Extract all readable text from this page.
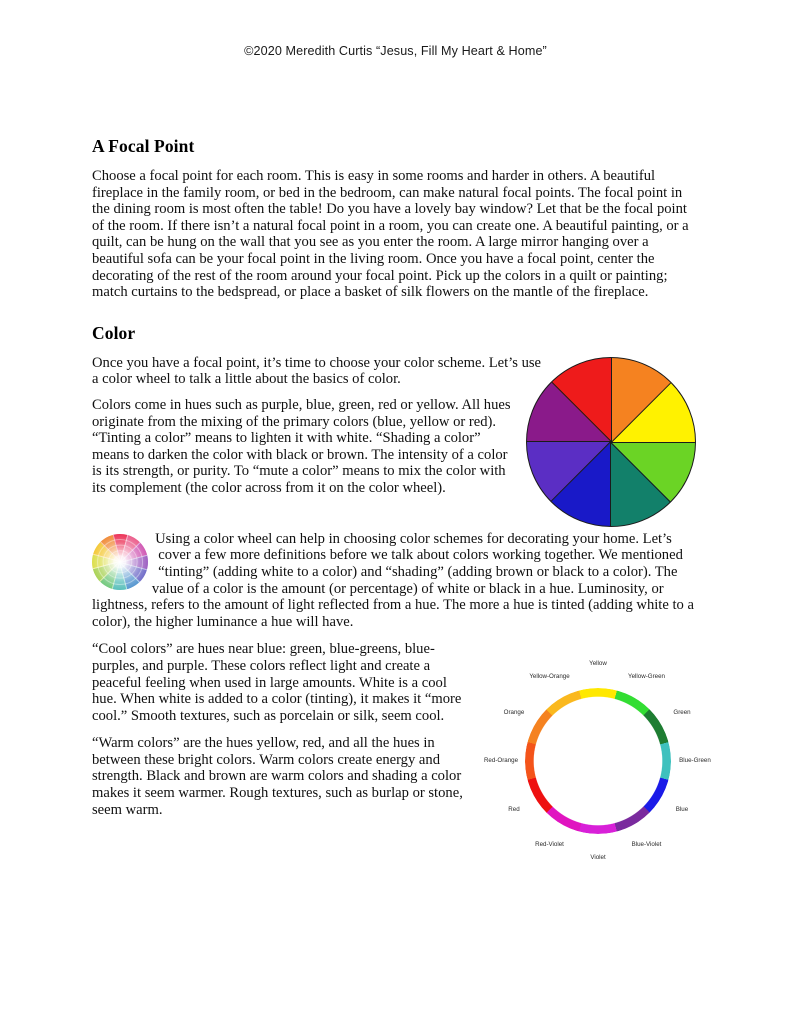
©2020 Meredith Curtis “Jesus, Fill My Heart & Home”
A Focal Point

Choose a focal point for each room. This is easy in some rooms and harder in others. A beautiful fireplace in the family room, or bed in the bedroom, can make natural focal points. The focal point in the dining room is most often the table! Do you have a lovely bay window? Let that be the focal point of the room. If there isn’t a natural focal point in a room, you can create one. A beautiful painting, or a quilt, can be hung on the wall that you see as you enter the room. A large mirror hanging over a beautiful sofa can be your focal point in the living room. Once you have a focal point, center the decorating of the rest of the room around your focal point. Pick up the colors in a quilt or painting; match curtains to the bedspread, or place a basket of silk flowers on the mantle of the fireplace.

Color

Once you have a focal point, it’s time to choose your color scheme. Let’s use a color wheel to talk a little about the basics of color.

Colors come in hues such as purple, blue, green, red or yellow. All hues originate from the mixing of the primary colors (blue, yellow or red). “Tinting a color” means to lighten it with white. “Shading a color” means to darken the color with black or brown. The intensity of a color is its strength, or purity. To “mute a color” means to mix the color with its complement (the color across from it on the color wheel).

Using a color wheel can help in choosing color schemes for decorating your home. Let’s cover a few more definitions before we talk about colors working together. We mentioned “tinting” (adding white to a color) and “shading” (adding brown or black to a color). The value of a color is the amount (or percentage) of white or black in a hue. Luminosity, or lightness, refers to the amount of light reflected from a hue. The more a hue is tinted (adding white to a color), the higher luminance a hue will have.

“Cool colors” are hues near blue: green, blue-greens, blue-purples, and purple. These colors reflect light and create a peaceful feeling when used in large amounts. White is a cool hue. When white is added to a color (tinting), it makes it “more cool.” Smooth textures, such as porcelain or silk, seem cool.

“Warm colors” are the hues yellow, red, and all the hues in between these bright colors. Warm colors create energy and strength. Black and brown are warm colors and shading a color makes it seem warmer. Rough textures, such as burlap or stone, seem warm.

P
Yellow
T
Yellow-Green
S
Green
T	Blue-Green
P
Blue
T
Blue-Violet
S
Violet
T
Red-Violet
P
Red
T
Red-Orange
S
Orange	T
Yellow-Orange
